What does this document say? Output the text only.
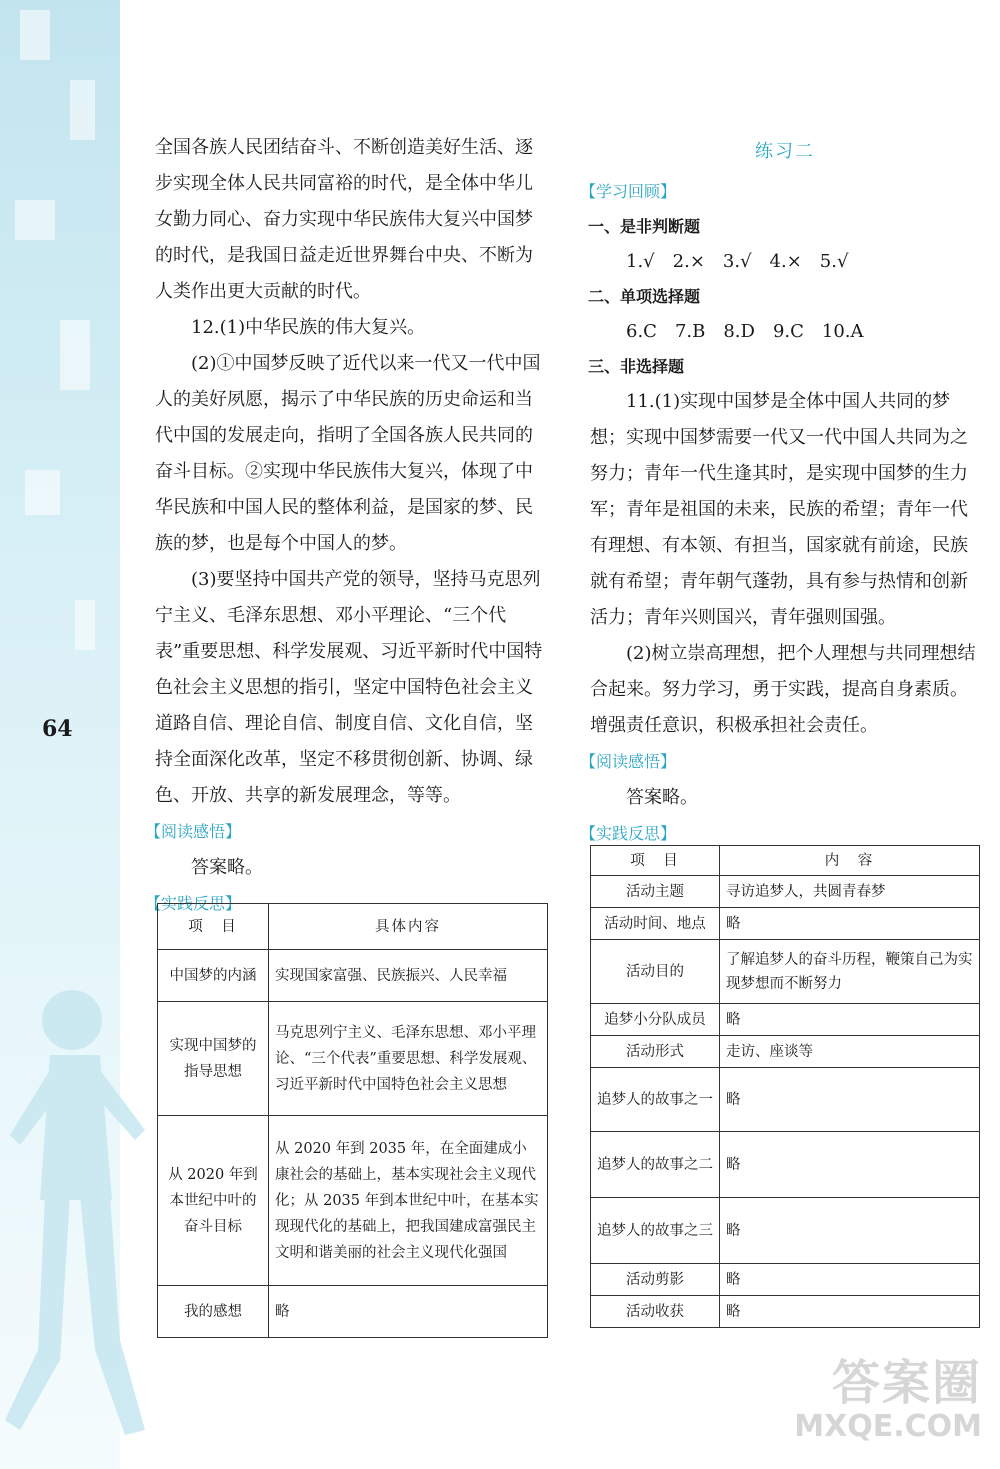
64

全国各族人民团结奋斗、不断创造美好生活、逐步实现全体人民共同富裕的时代，是全体中华儿女勤力同心、奋力实现中华民族伟大复兴中国梦的时代，是我国日益走近世界舞台中央、不断为人类作出更大贡献的时代。

12.(1)中华民族的伟大复兴。

(2)①中国梦反映了近代以来一代又一代中国人的美好夙愿，揭示了中华民族的历史命运和当代中国的发展走向，指明了全国各族人民共同的奋斗目标。②实现中华民族伟大复兴，体现了中华民族和中国人民的整体利益，是国家的梦、民族的梦，也是每个中国人的梦。

(3)要坚持中国共产党的领导，坚持马克思列宁主义、毛泽东思想、邓小平理论、“三个代表”重要思想、科学发展观、习近平新时代中国特色社会主义思想的指引，坚定中国特色社会主义道路自信、理论自信、制度自信、文化自信，坚持全面深化改革，坚定不移贯彻创新、协调、绿色、开放、共享的新发展理念，等等。

【阅读感悟】

答案略。

【实践反思】

项　目	具体内容
中国梦的内涵	实现国家富强、民族振兴、人民幸福
实现中国梦的指导思想	马克思列宁主义、毛泽东思想、邓小平理论、“三个代表”重要思想、科学发展观、习近平新时代中国特色社会主义思想
从 2020 年到本世纪中叶的奋斗目标	从 2020 年到 2035 年，在全面建成小康社会的基础上，基本实现社会主义现代化；从 2035 年到本世纪中叶，在基本实现现代化的基础上，把我国建成富强民主文明和谐美丽的社会主义现代化强国
我的感想	略

练习二

【学习回顾】

一、是非判断题

1.√　2.×　3.√　4.×　5.√

二、单项选择题

6.C　7.B　8.D　9.C　10.A

三、非选择题

11.(1)实现中国梦是全体中国人共同的梦想；实现中国梦需要一代又一代中国人共同为之努力；青年一代生逢其时，是实现中国梦的生力军；青年是祖国的未来，民族的希望；青年一代有理想、有本领、有担当，国家就有前途，民族就有希望；青年朝气蓬勃，具有参与热情和创新活力；青年兴则国兴，青年强则国强。

(2)树立崇高理想，把个人理想与共同理想结合起来。努力学习，勇于实践，提高自身素质。增强责任意识，积极承担社会责任。

【阅读感悟】

答案略。

【实践反思】

项　目	内　容
活动主题	寻访追梦人，共圆青春梦
活动时间、地点	略
活动目的	了解追梦人的奋斗历程，鞭策自己为实现梦想而不断努力
追梦小分队成员	略
活动形式	走访、座谈等
追梦人的故事之一	略
追梦人的故事之二	略
追梦人的故事之三	略
活动剪影	略
活动收获	略
答案圈
MXQE.COM
